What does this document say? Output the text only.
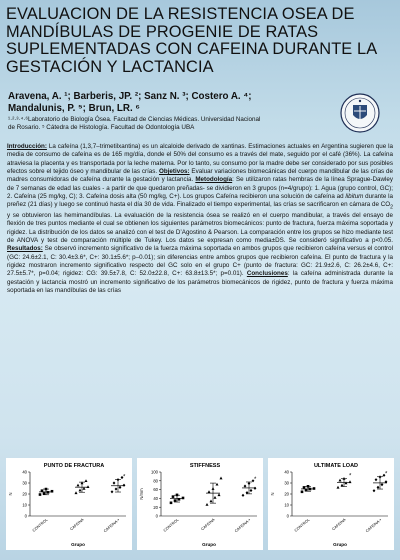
EVALUACION DE LA RESISTENCIA OSEA DE MANDÍBULAS DE PROGENIE DE RATAS SUPLEMENTADAS CON CAFEINA DURANTE LA GESTACIÓN Y LACTANCIA
Aravena, A. ¹; Barberis, JP. ²; Sanz N. ³; Costero A. ⁴;
Mandalunis, P. ⁵; Brun, LR. ⁶
¹·²·³·⁴·⁶Laboratorio de Biología Ósea. Facultad de Ciencias Médicas. Universidad Nacional
de Rosario. ⁵ Cátedra de Histología. Facultad de Odontología UBA
Introducción: La cafeína (1,3,7–trimetilxantina) es un alcaloide derivado de xantinas. Estimaciones actuales en Argentina sugieren que la media de consumo de cafeína es de 165 mg/día, donde el 50% del consumo es a través del mate, seguido por el café (36%). La cafeína atraviesa la placenta y es transportada por la leche materna. Por lo tanto, su consumo por la madre debe ser considerado por sus posibles efectos sobre el tejido óseo y mandibular de las crías. Objetivos: Evaluar variaciones biomecánicas del cuerpo mandibular de las crías de madres consumidoras de cafeína durante la gestación y lactancia. Metodología: Se utilizaron ratas hembras de la línea Sprague-Dawley de 7 semanas de edad las cuales - a partir de que quedaron preñadas- se dividieron en 3 grupos (n=4/grupo): 1. Agua (grupo control, GC); 2. Cafeína (25 mg/kg, C); 3. Cafeína dosis alta (50 mg/kg, C+). Los grupos Cafeína recibieron una solución de cafeína ad libitum durante la preñez (21 días) y luego se continuó hasta el día 30 de vida. Finalizado el tiempo experimental, las crías se sacrificaron en cámara de $CO_2$ y se obtuvieron las hemimandíbulas. La evaluación de la resistencia ósea se realizó en el cuerpo mandibular, a través del ensayo de flexión de tres puntos mediante el cual se obtienen los siguientes parámetros biomecánicos: punto de fractura, fuerza máxima soportada y rigidez. La distribución de los datos se analizó con el test de D’Agostino & Pearson. La comparación entre los grupos se hizo mediante test de ANOVA y test de comparación múltiple de Tukey. Los datos se expresan como media±DS. Se consideró significativo a p<0.05. Resultados: Se observó incremento significativo de la fuerza máxima soportada en ambos grupos que recibieron cafeína versus el control (GC: 24.6±2.1, C: 30.4±3.6*, C+: 30.1±5.6*; p–0.01); sin diferencias entre ambos grupos que recibieron cafeína. El punto de fractura y la rigidez mostraron incremento significativo respecto del GC solo en el grupo C+ (punto de fractura: GC: 21.9±2.6, C: 26.2±4.6, C+: 27.5±5.7*, p=0.04; rigidez: CG: 39.5±7.8, C: 52.0±22.8, C+: 63.8±13.5*; p=0.01). Conclusiones: la cafeína administrada durante la gestación y lactancia mostró un incremento significativo de los parámetros biomecánicos de rigidez, punto de fractura y fuerza máxima soportada en las mandíbulas de las crías
PUNTO DE FRACTURA
0
10
20
30
40
N
CONTROL	CAFEINA	CAFEINA +
*
Grupo
STIFFNESS
0
20
40
60
80
100
N/mm
CONTROL	CAFEINA	CAFEINA +
*
Grupo
ULTIMATE LOAD
0
10
20
30
40
N
CONTROL	CAFEINA
*
CAFEINA +
*
Grupo
